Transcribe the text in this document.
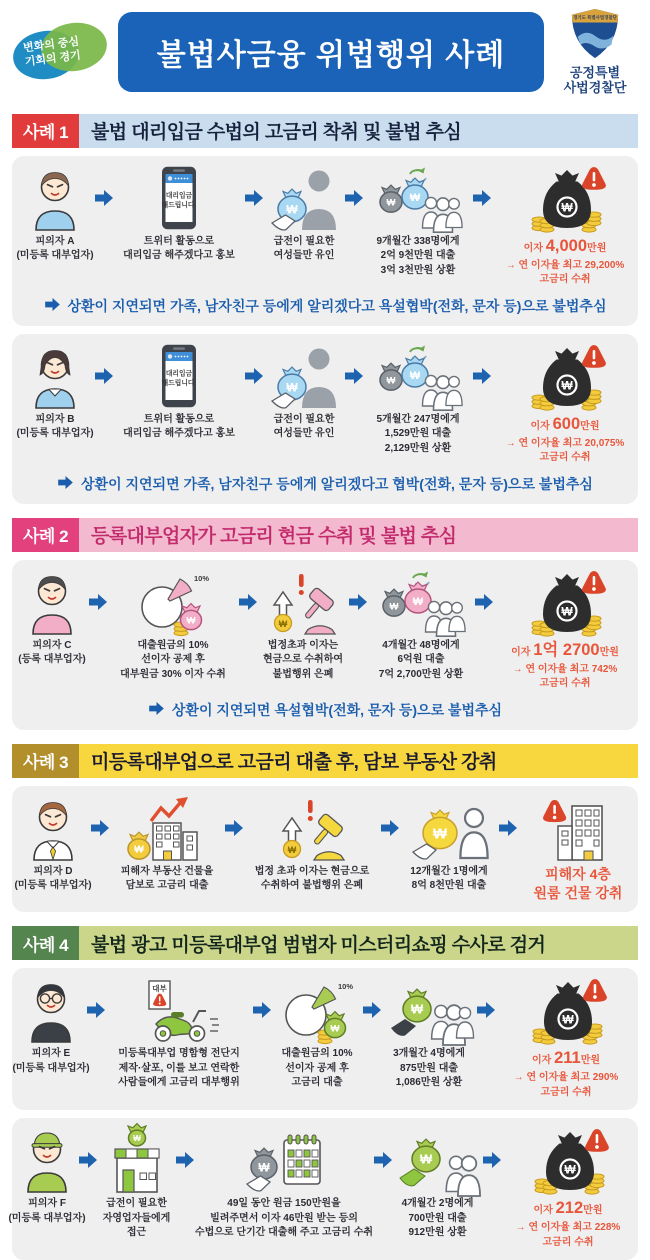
변화의 중심
기회의 경기	불법사금융 위법행위 사례
경기도 특별사법경찰단
공정특별
사법경찰단
사례 1	불법 대리입금 수법의 고금리 착취 및 불법 추심
피의자 A
(미등록 대부업자)
대리입금
해드립니다.
트위터 활동으로
대리입금 해주겠다고 홍보
₩
급전이 필요한
여성들만 유인
₩ ₩
9개월간 338명에게
2억 9천만원 대출
3억 3천만원 상환
₩
이자 4,000만원
→ 연 이자율 최고 29,200%
고금리 수취
상환이 지연되면 가족, 남자친구 등에게 알리겠다고 욕설협박(전화, 문자 등)으로 불법추심
피의자 B
(미등록 대부업자)
대리입금
해드립니다.
트위터 활동으로
대리입금 해주겠다고 홍보
₩
급전이 필요한
여성들만 유인
₩ ₩
5개월간 247명에게
1,529만원 대출
2,129만원 상환
₩
이자 600만원
→ 연 이자율 최고 20,075%
고금리 수취
상환이 지연되면 가족, 남자친구 등에게 알리겠다고 협박(전화, 문자 등)으로 불법추심
사례 2	등록대부업자가 고금리 현금 수취 및 불법 추심
피의자 C
(등록 대부업자)
10%
₩
대출원금의 10%
선이자 공제 후
대부원금 30% 이자 수취
₩
법정초과 이자는
현금으로 수취하여
불법행위 은폐
₩ ₩
4개월간 48명에게
6억원 대출
7억 2,700만원 상환
₩
이자 1억 2700만원
→ 연 이자율 최고 742%
고금리 수취
상환이 지연되면 욕설협박(전화, 문자 등)으로 불법추심
사례 3	미등록대부업으로 고금리 대출 후, 담보 부동산 강취
피의자 D
(미등록 대부업자)
₩
피해자 부동산 건물을
담보로 고금리 대출
₩
법정 초과 이자는 현금으로
수취하여 불법행위 은폐
₩
12개월간 1명에게
8억 8천만원 대출
피해자 4층
원룸 건물 강취
사례 4	불법 광고 미등록대부업 범법자 미스터리쇼핑 수사로 검거
피의자 E
(미등록 대부업자)
대부
미등록대부업 명함형 전단지
제작·살포, 이를 보고 연락한
사람들에게 고금리 대부행위
10%
₩
대출원금의 10%
선이자 공제 후
고금리 대출
₩
3개월간 4명에게
875만원 대출
1,086만원 상환
₩
이자 211만원
→ 연 이자율 최고 290%
고금리 수취
피의자 F
(미등록 대부업자)
₩
급전이 필요한
자영업자들에게
접근
₩
49일 동안 원금 150만원을
빌려주면서 이자 46만원 받는 등의
수법으로 단기간 대출해 주고 고금리 수취
₩
4개월간 2명에게
700만원 대출
912만원 상환
₩
이자 212만원
→ 연 이자율 최고 228%
고금리 수취
